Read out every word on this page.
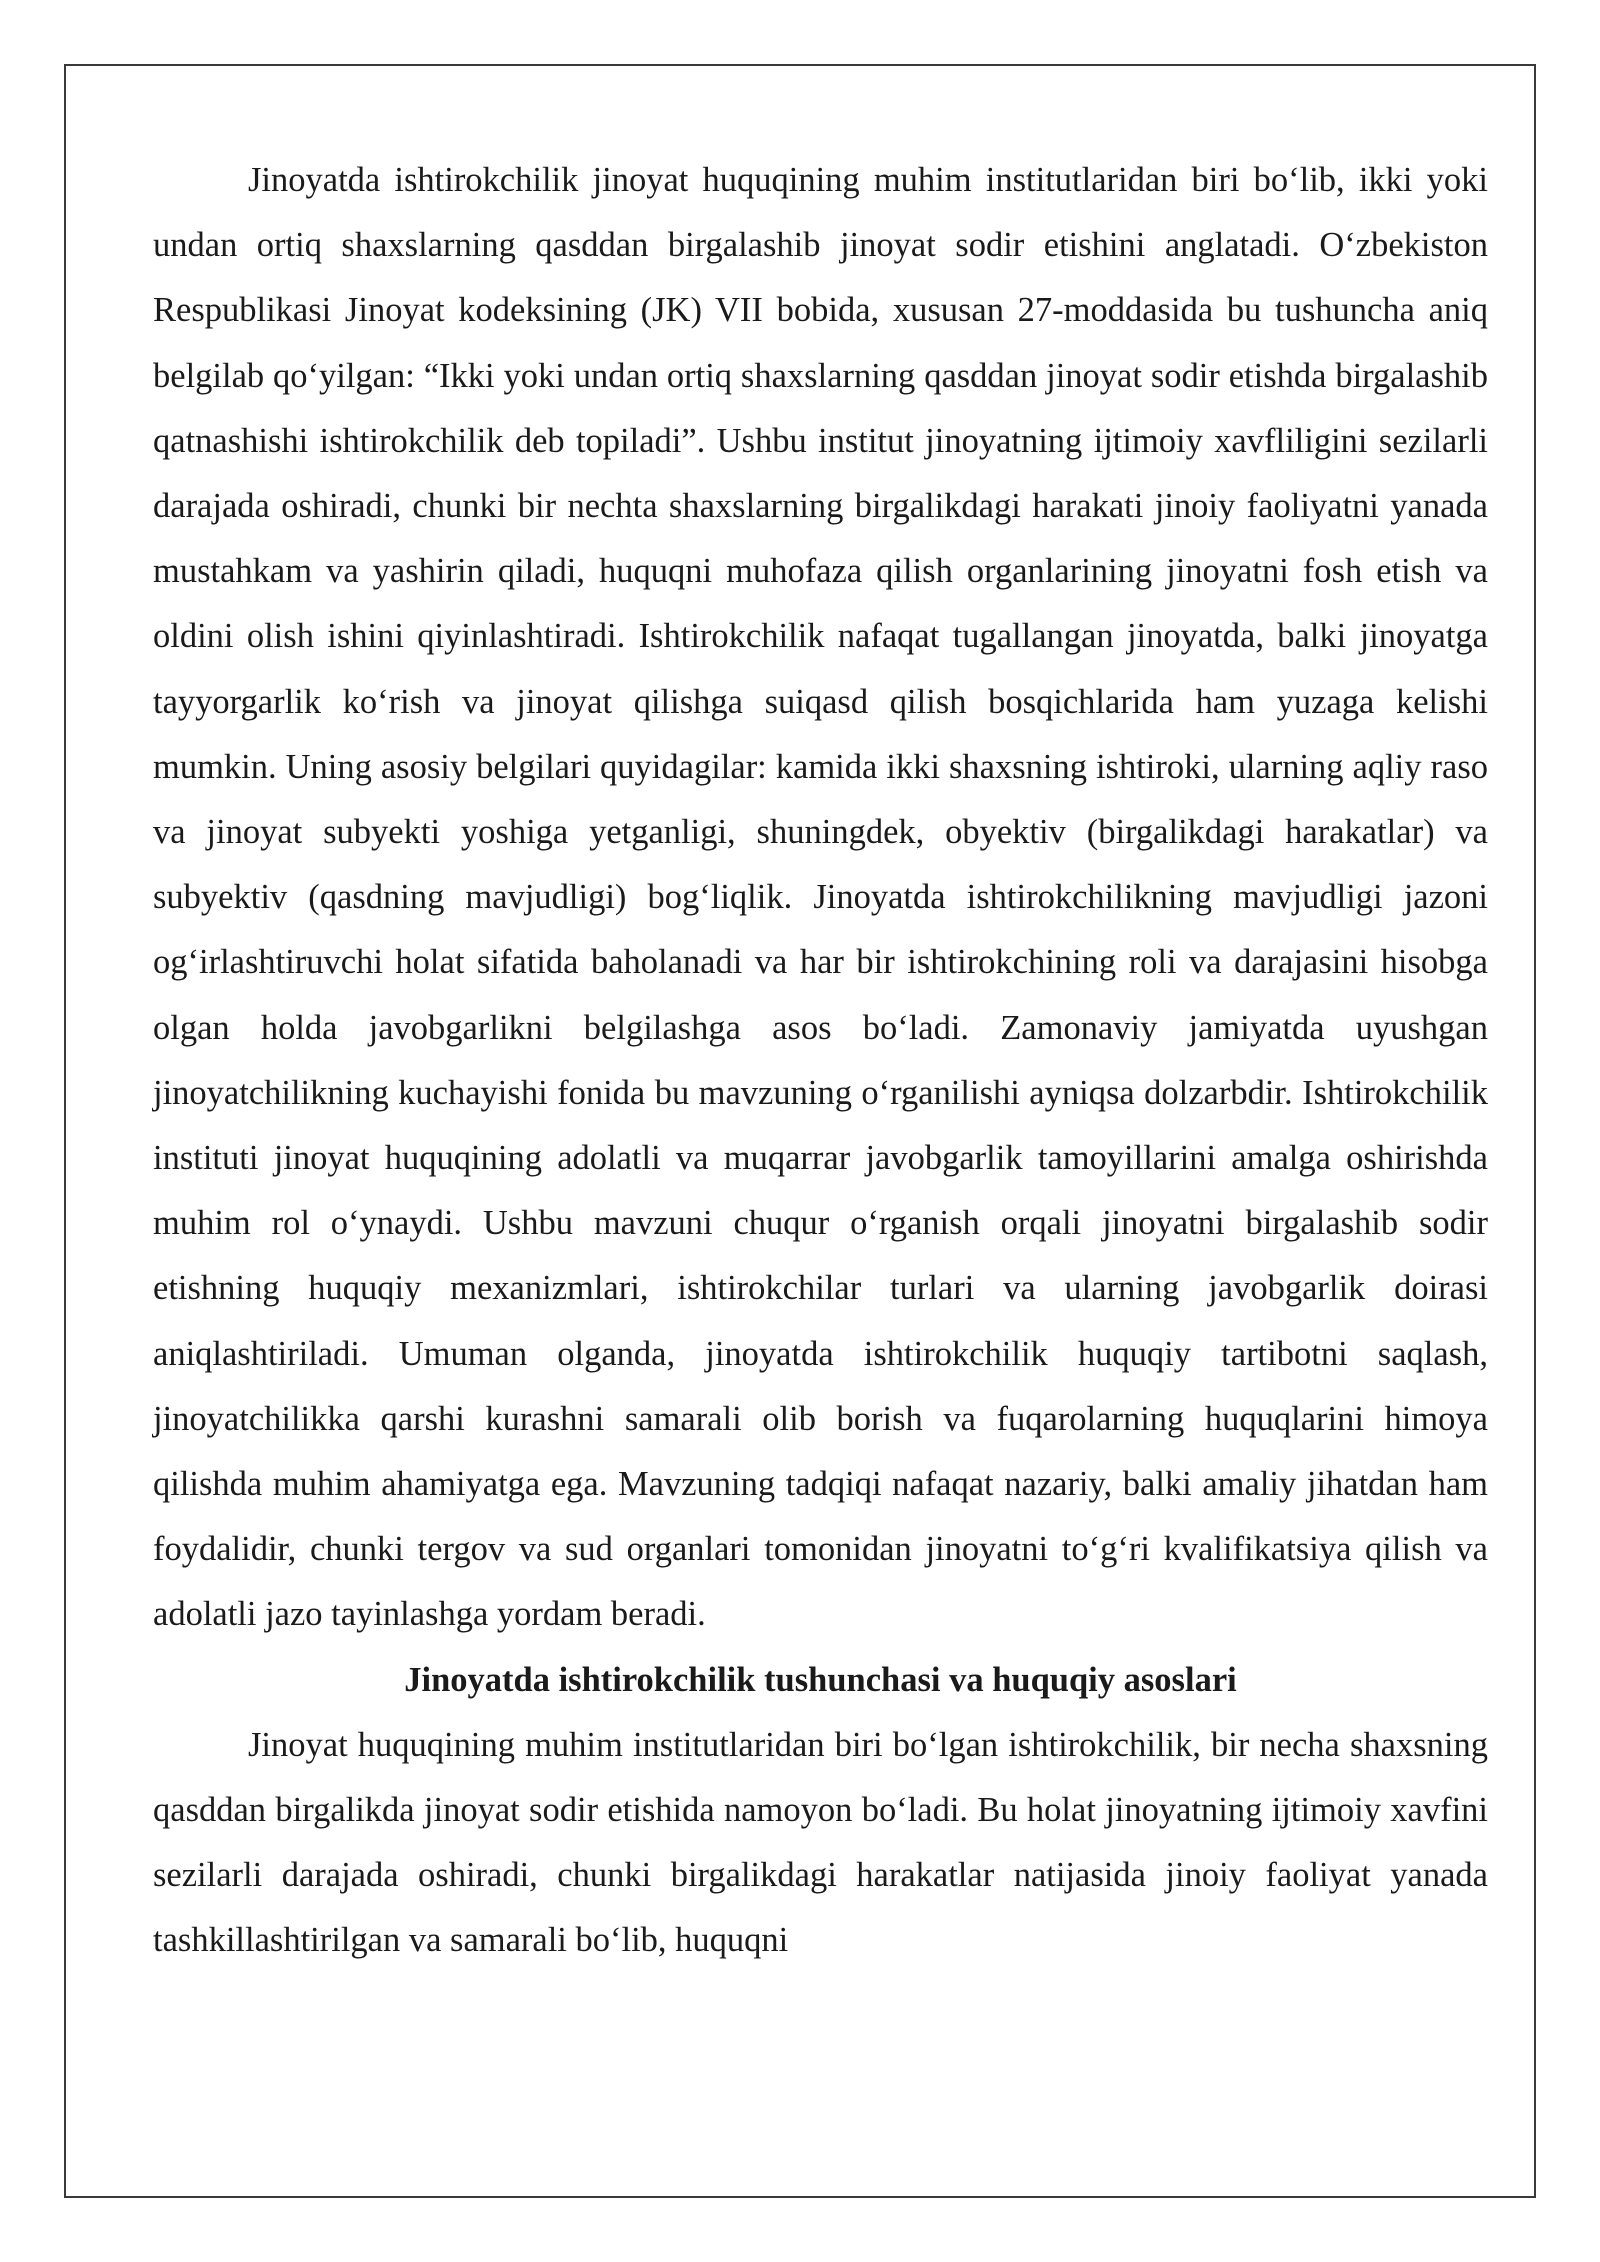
Jinoyatda ishtirokchilik jinoyat huquqining muhim institutlaridan biri bo‘lib, ikki yoki undan ortiq shaxslarning qasddan birgalashib jinoyat sodir etishini anglatadi. O‘zbekiston Respublikasi Jinoyat kodeksining (JK) VII bobida, xususan 27-moddasida bu tushuncha aniq belgilab qo‘yilgan: “Ikki yoki undan ortiq shaxslarning qasddan jinoyat sodir etishda birgalashib qatnashishi ishtirokchilik deb topiladi”. Ushbu institut jinoyatning ijtimoiy xavfliligini sezilarli darajada oshiradi, chunki bir nechta shaxslarning birgalikdagi harakati jinoiy faoliyatni yanada mustahkam va yashirin qiladi, huquqni muhofaza qilish organlarining jinoyatni fosh etish va oldini olish ishini qiyinlashtiradi. Ishtirokchilik nafaqat tugallangan jinoyatda, balki jinoyatga tayyorgarlik ko‘rish va jinoyat qilishga suiqasd qilish bosqichlarida ham yuzaga kelishi mumkin. Uning asosiy belgilari quyidagilar: kamida ikki shaxsning ishtiroki, ularning aqliy raso va jinoyat subyekti yoshiga yetganligi, shuningdek, obyektiv (birgalikdagi harakatlar) va subyektiv (qasdning mavjudligi) bog‘liqlik. Jinoyatda ishtirokchilikning mavjudligi jazoni og‘irlashtiruvchi holat sifatida baholanadi va har bir ishtirokchining roli va darajasini hisobga olgan holda javobgarlikni belgilashga asos bo‘ladi. Zamonaviy jamiyatda uyushgan jinoyatchilikning kuchayishi fonida bu mavzuning o‘rganilishi ayniqsa dolzarbdir. Ishtirokchilik instituti jinoyat huquqining adolatli va muqarrar javobgarlik tamoyillarini amalga oshirishda muhim rol o‘ynaydi. Ushbu mavzuni chuqur o‘rganish orqali jinoyatni birgalashib sodir etishning huquqiy mexanizmlari, ishtirokchilar turlari va ularning javobgarlik doirasi aniqlashtiriladi. Umuman olganda, jinoyatda ishtirokchilik huquqiy tartibotni saqlash, jinoyatchilikka qarshi kurashni samarali olib borish va fuqarolarning huquqlarini himoya qilishda muhim ahamiyatga ega. Mavzuning tadqiqi nafaqat nazariy, balki amaliy jihatdan ham foydalidir, chunki tergov va sud organlari tomonidan jinoyatni to‘g‘ri kvalifikatsiya qilish va adolatli jazo tayinlashga yordam beradi.

Jinoyatda ishtirokchilik tushunchasi va huquqiy asoslari

Jinoyat huquqining muhim institutlaridan biri bo‘lgan ishtirokchilik, bir necha shaxsning qasddan birgalikda jinoyat sodir etishida namoyon bo‘ladi. Bu holat jinoyatning ijtimoiy xavfini sezilarli darajada oshiradi, chunki birgalikdagi harakatlar natijasida jinoiy faoliyat yanada tashkillashtirilgan va samarali bo‘lib, huquqni
